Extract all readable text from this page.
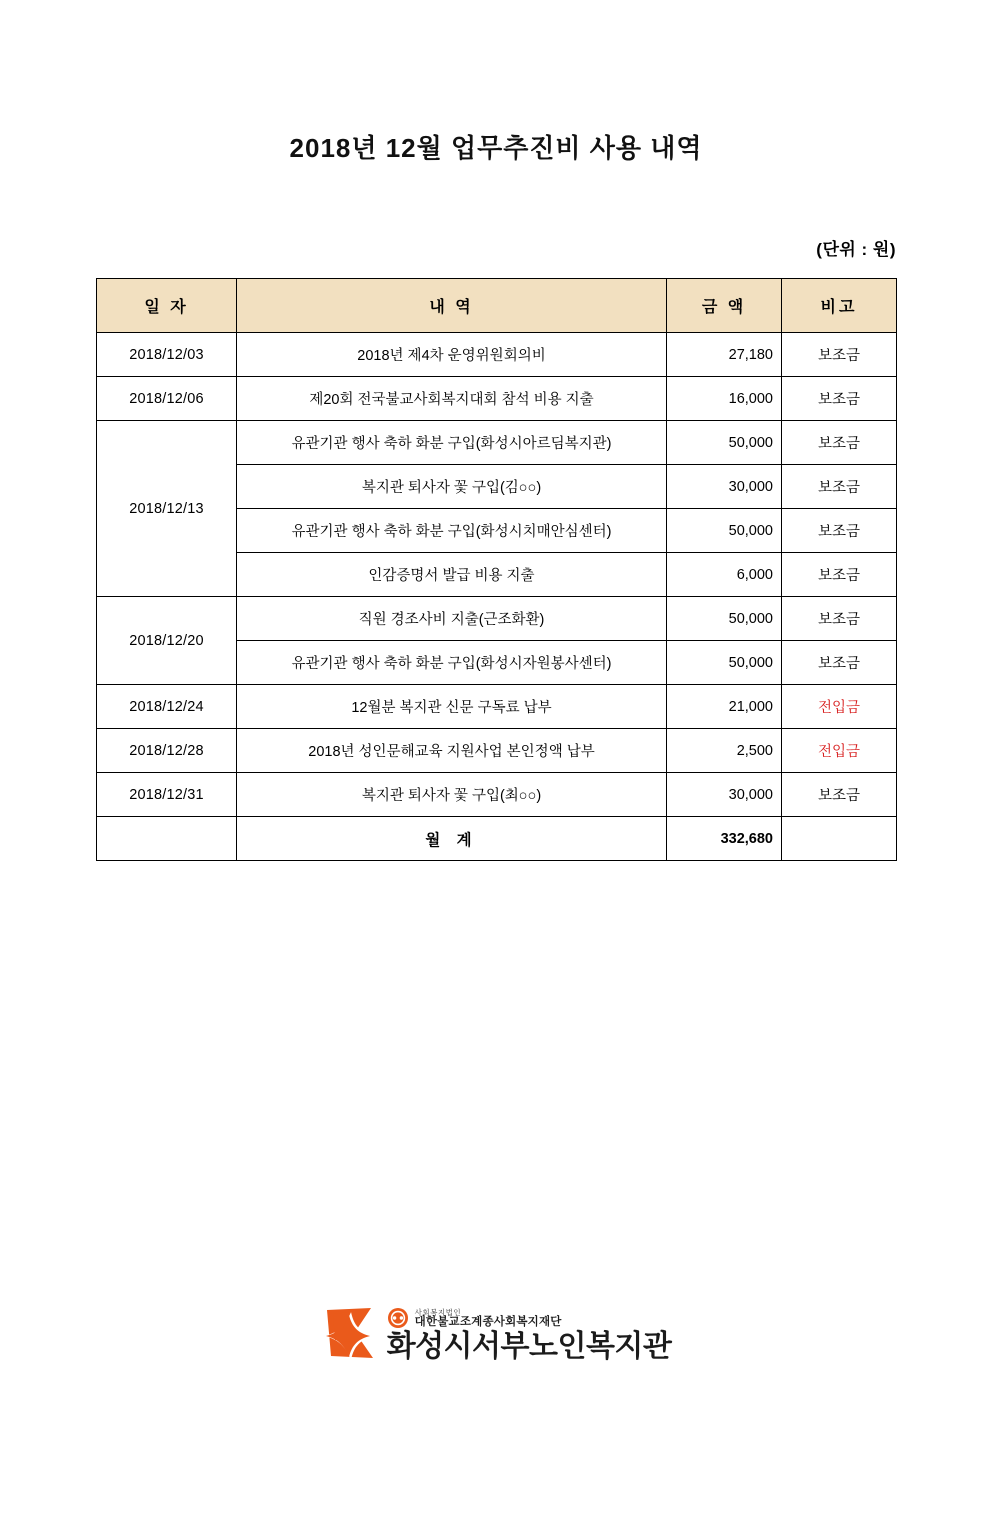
2018년 12월 업무추진비 사용 내역
(단위 : 원)
일 자	내 역	금 액	비고
2018/12/03	2018년 제4차 운영위원회의비	27,180	보조금
2018/12/06	제20회 전국불교사회복지대회 참석 비용 지출	16,000	보조금
2018/12/13	유관기관 행사 축하 화분 구입(화성시아르딤복지관)	50,000	보조금
	복지관 퇴사자 꽃 구입(김○○)	30,000	보조금
	유관기관 행사 축하 화분 구입(화성시치매안심센터)	50,000	보조금
	인감증명서 발급 비용 지출	6,000	보조금
2018/12/20	직원 경조사비 지출(근조화환)	50,000	보조금
	유관기관 행사 축하 화분 구입(화성시자원봉사센터)	50,000	보조금
2018/12/24	12월분 복지관 신문 구독료 납부	21,000	전입금
2018/12/28	2018년 성인문해교육 지원사업 본인정액 납부	2,500	전입금
2018/12/31	복지관 퇴사자 꽃 구입(최○○)	30,000	보조금
	월 계	332,680	
사회복지법인
대한불교조계종사회복지재단
화성시서부노인복지관
